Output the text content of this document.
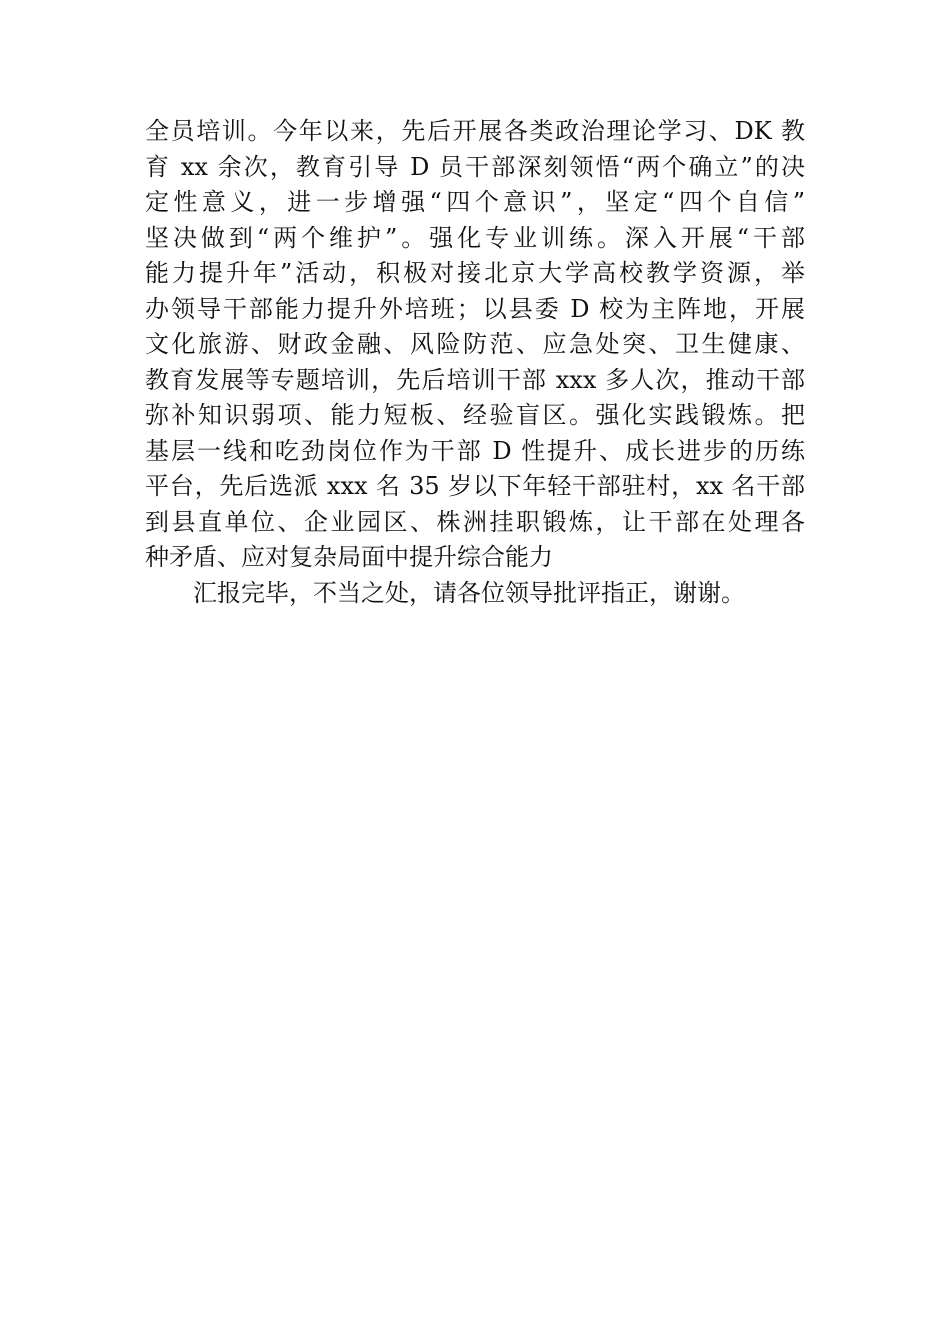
全员培训。今年以来，先后开展各类政治理论学习、DK 教
育 xx 余次，教育引导 D 员干部深刻领悟“两个确立”的决
定性意义，进一步增强“四个意识”，坚定“四个自信”
坚决做到“两个维护”。强化专业训练。深入开展“干部
能力提升年”活动，积极对接北京大学高校教学资源，举
办领导干部能力提升外培班；以县委 D 校为主阵地，开展
文化旅游、财政金融、风险防范、应急处突、卫生健康、
教育发展等专题培训，先后培训干部 xxx 多人次，推动干部
弥补知识弱项、能力短板、经验盲区。强化实践锻炼。把
基层一线和吃劲岗位作为干部 D 性提升、成长进步的历练
平台，先后选派 xxx 名 35 岁以下年轻干部驻村，xx 名干部
到县直单位、企业园区、株洲挂职锻炼，让干部在处理各
种矛盾、应对复杂局面中提升综合能力
汇报完毕，不当之处，请各位领导批评指正，谢谢。
